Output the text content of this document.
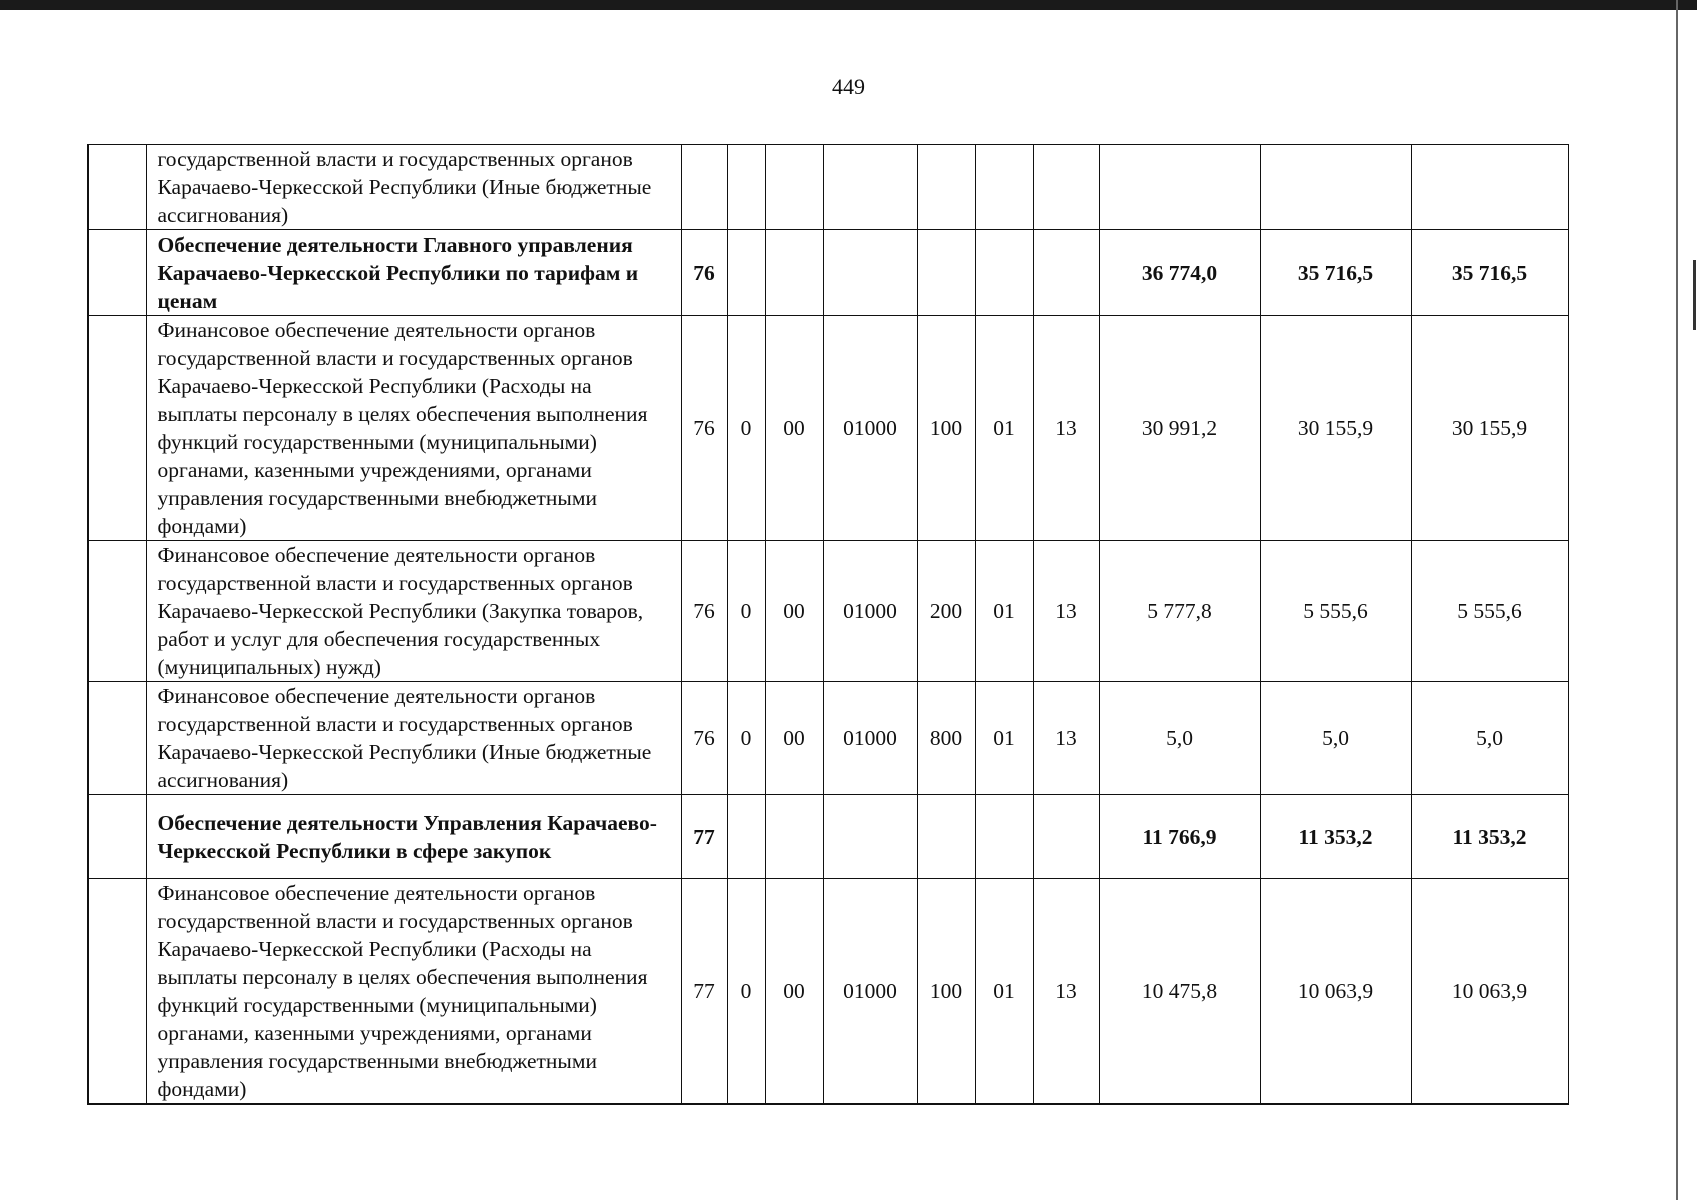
449
	государственной власти и государственных органов Карачаево-Черкесской Республики (Иные бюджетные ассигнования)										
	Обеспечение деятельности Главного управления Карачаево-Черкесской Республики по тарифам и ценам	76							36 774,0	35 716,5	35 716,5
	Финансовое обеспечение деятельности органов государственной власти и государственных органов Карачаево-Черкесской Республики (Расходы на выплаты персоналу в целях обеспечения выполнения функций государственными (муниципальными) органами, казенными учреждениями, органами управления государственными внебюджетными фондами)	76	0	00	01000	100	01	13	30 991,2	30 155,9	30 155,9
	Финансовое обеспечение деятельности органов государственной власти и государственных органов Карачаево-Черкесской Республики (Закупка товаров, работ и услуг для обеспечения государственных (муниципальных) нужд)	76	0	00	01000	200	01	13	5 777,8	5 555,6	5 555,6
	Финансовое обеспечение деятельности органов государственной власти и государственных органов Карачаево-Черкесской Республики (Иные бюджетные ассигнования)	76	0	00	01000	800	01	13	5,0	5,0	5,0
	Обеспечение деятельности Управления Карачаево-Черкесской Республики в сфере закупок	77							11 766,9	11 353,2	11 353,2
	Финансовое обеспечение деятельности органов государственной власти и государственных органов Карачаево-Черкесской Республики (Расходы на выплаты персоналу в целях обеспечения выполнения функций государственными (муниципальными) органами, казенными учреждениями, органами управления государственными внебюджетными фондами)	77	0	00	01000	100	01	13	10 475,8	10 063,9	10 063,9
